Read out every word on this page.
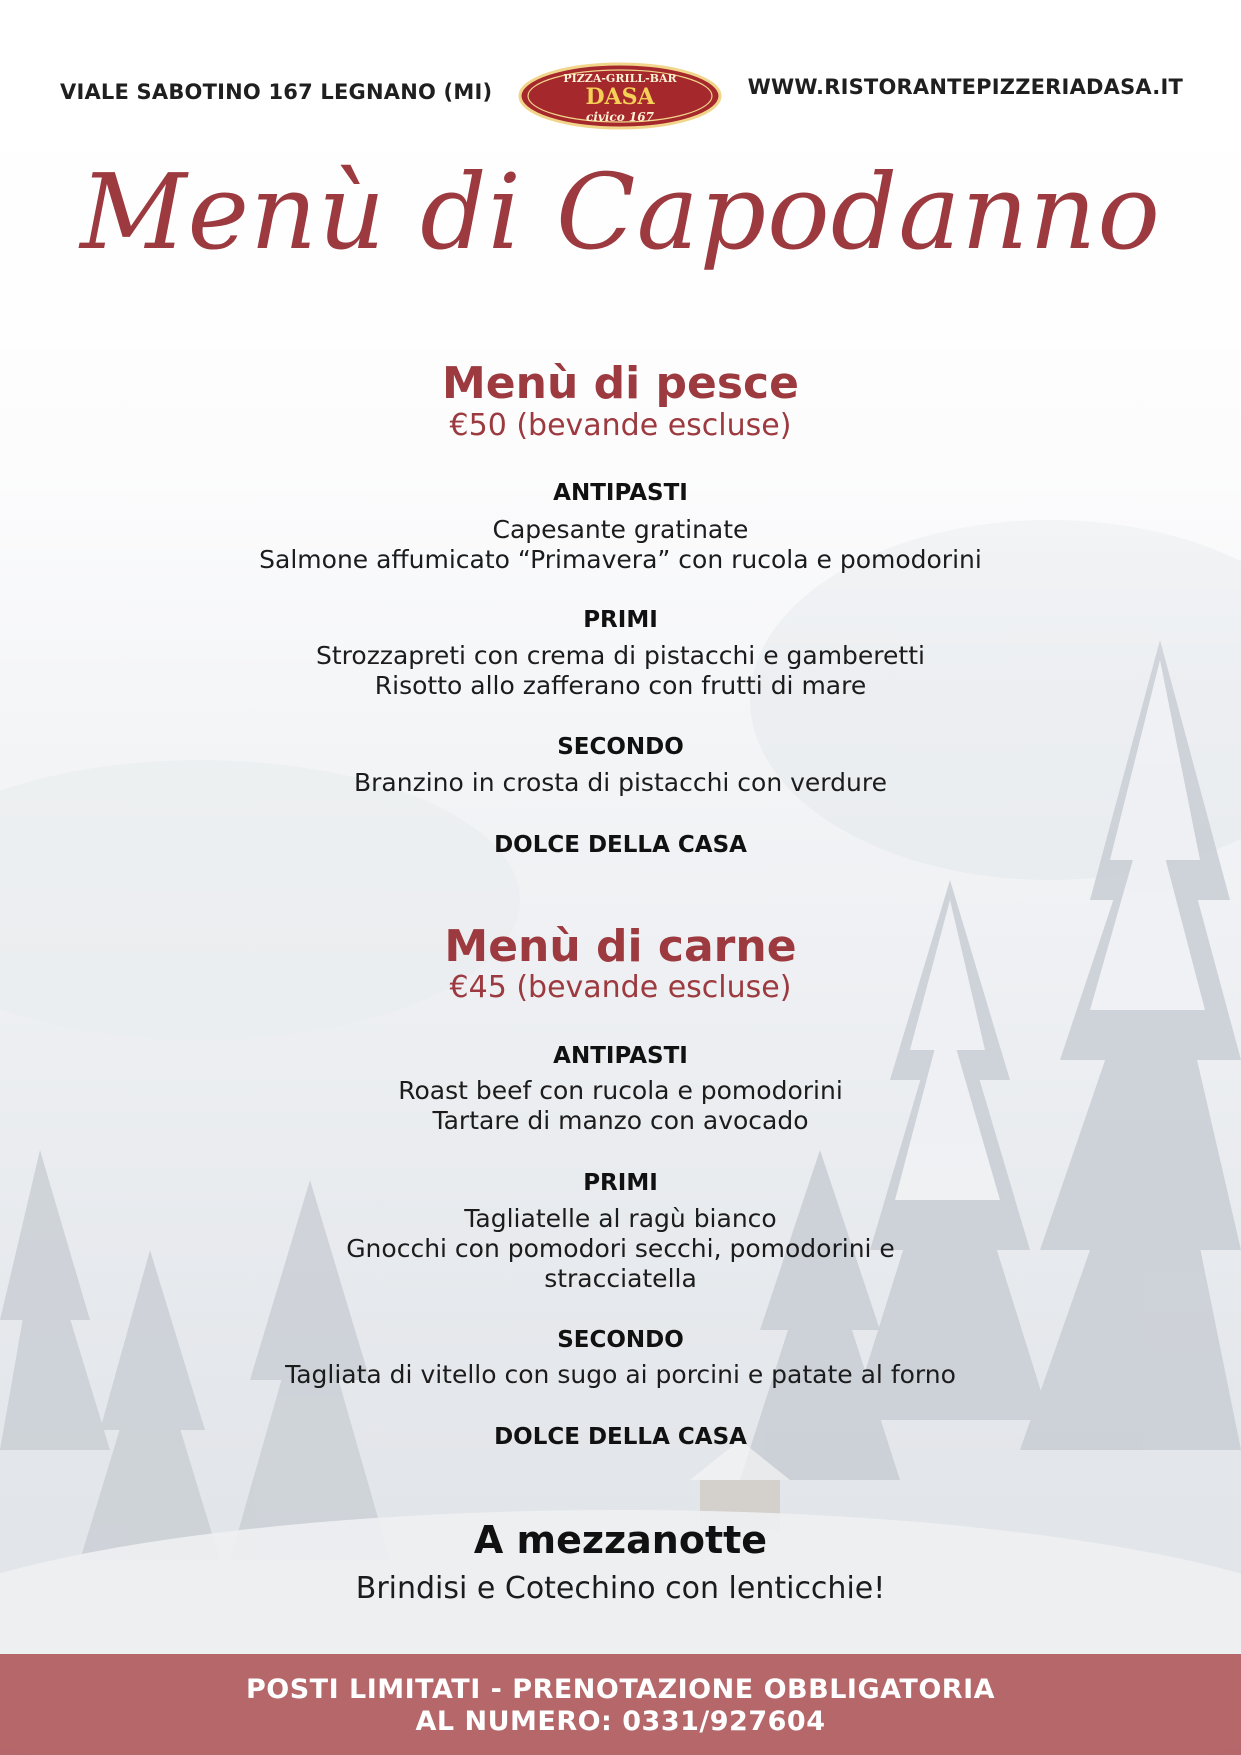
VIALE SABOTINO 167 LEGNANO (MI)
PIZZA-GRILL-BAR
DASA
civico 167
WWW.RISTORANTEPIZZERIADASA.IT
Menù di Capodanno
Menù di pesce
€50 (bevande escluse)
ANTIPASTI
Capesante gratinate
Salmone affumicato “Primavera” con rucola e pomodorini
PRIMI
Strozzapreti con crema di pistacchi e gamberetti
Risotto allo zafferano con frutti di mare
SECONDO
Branzino in crosta di pistacchi con verdure
DOLCE DELLA CASA
Menù di carne
€45 (bevande escluse)
ANTIPASTI
Roast beef con rucola e pomodorini
Tartare di manzo con avocado
PRIMI
Tagliatelle al ragù bianco
Gnocchi con pomodori secchi, pomodorini e
stracciatella
SECONDO
Tagliata di vitello con sugo ai porcini e patate al forno
DOLCE DELLA CASA
A mezzanotte
Brindisi e Cotechino con lenticchie!
POSTI LIMITATI - PRENOTAZIONE OBBLIGATORIA
AL NUMERO: 0331/927604
